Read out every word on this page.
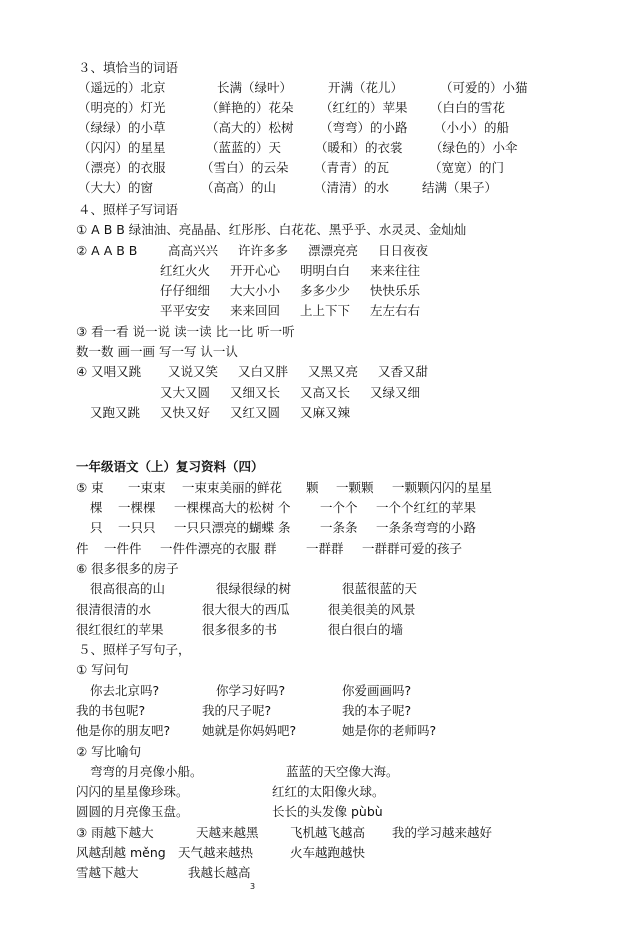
３、填恰当的词语
（遥远的）北京	长满（绿叶）	开满（花儿）	（可爱的）小猫
（明亮的）灯光	（鲜艳的）花朵 （红红的）苹果 （白白的雪花
（绿绿）的小草	（高大的）松树 （弯弯）的小路 （小小）的船
（闪闪）的星星	（蓝蓝的）天	（暖和）的衣裳 （绿色的）小伞
（漂亮）的衣服	（雪白）的云朵 （青青）的瓦	（宽宽）的门
（大大）的窗	（高高）的山	（清清）的水	结满（果子）
４、照样子写词语
① A B B 绿油油、亮晶晶、红彤彤、白花花、黑乎乎、水灵灵、金灿灿
② A A B B 高高兴兴 许许多多 漂漂亮亮 日日夜夜
红红火火 开开心心 明明白白 来来往往
仔仔细细 大大小小 多多少少 快快乐乐
平平安安 来来回回 上上下下 左左右右
③ 看一看 说一说 读一读 比一比 听一听
数一数 画一画 写一写 认一认
④ 又唱又跳 又说又笑 又白又胖 又黑又亮 又香又甜
又大又圆 又细又长 又高又长 又绿又细
又跑又跳 又快又好 又红又圆 又麻又辣
一年级语文（上）复习资料（四）
⑤ 束 一束束 一束束美丽的鲜花 颗 一颗颗 一颗颗闪闪的星星
棵 一棵棵 一棵棵高大的松树 个 一个个 一个个红红的苹果
只 一只只 一只只漂亮的蝴蝶 条 一条条 一条条弯弯的小路
件 一件件 一件件漂亮的衣服 群 一群群 一群群可爱的孩子
⑥ 很多很多的房子
很高很高的山	很绿很绿的树	很蓝很蓝的天
很清很清的水	很大很大的西瓜	很美很美的风景
很红很红的苹果	很多很多的书	很白很白的墙
５、照样子写句子，
① 写问句
你去北京吗?	你学习好吗?	你爱画画吗?
我的书包呢?	我的尺子呢?	我的本子呢?
他是你的朋友吧?	她就是你妈妈吧?	她是你的老师吗?
② 写比喻句
弯弯的月亮像小船。	蓝蓝的天空像大海。
闪闪的星星像珍珠。	红红的太阳像火球。
圆圆的月亮像玉盘。	长长的头发像 pùbù
③ 雨越下越大	天越来越黑	飞机越飞越高 我的学习越来越好
风越刮越 měng 天气越来越热	火车越跑越快
雪越下越大	我越长越高
3
